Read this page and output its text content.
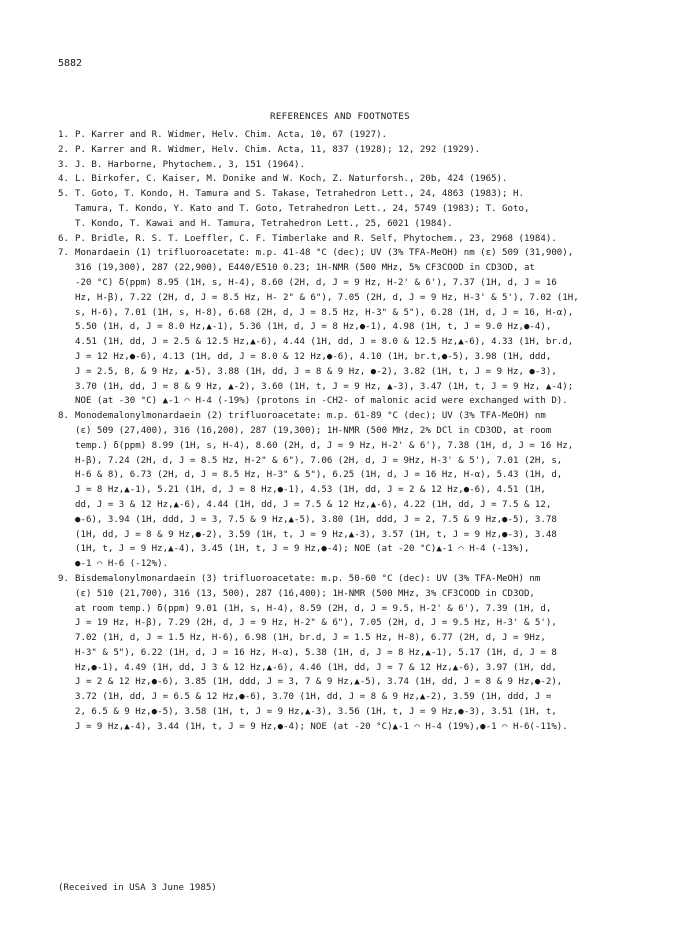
5882
REFERENCES AND FOOTNOTES
1. P. Karrer and R. Widmer, Helv. Chim. Acta, 10, 67 (1927).
2. P. Karrer and R. Widmer, Helv. Chim. Acta, 11, 837 (1928); 12, 292 (1929).
3. J. B. Harborne, Phytochem., 3, 151 (1964).
4. L. Birkofer, C. Kaiser, M. Donike and W. Koch, Z. Naturforsh., 20b, 424 (1965).
5. T. Goto, T. Kondo, H. Tamura and S. Takase, Tetrahedron Lett., 24, 4863 (1983); H.
Tamura, T. Kondo, Y. Kato and T. Goto, Tetrahedron Lett., 24, 5749 (1983); T. Goto,
T. Kondo, T. Kawai and H. Tamura, Tetrahedron Lett., 25, 6021 (1984).
6. P. Bridle, R. S. T. Loeffler, C. F. Timberlake and R. Self, Phytochem., 23, 2968 (1984).
7. Monardaein (1) trifluoroacetate: m.p. 41-48 °C (dec); UV (3% TFA-MeOH) nm (ε) 509 (31,900),
316 (19,300), 287 (22,900), E440/E510 0.23; 1H-NMR (500 MHz, 5% CF3COOD in CD3OD, at
-20 °C) δ(ppm) 8.95 (1H, s, H-4), 8.60 (2H, d, J = 9 Hz, H-2' & 6'), 7.37 (1H, d, J = 16
Hz, H-β), 7.22 (2H, d, J = 8.5 Hz, H- 2" & 6"), 7.05 (2H, d, J = 9 Hz, H-3' & 5'), 7.02 (1H,
s, H-6), 7.01 (1H, s, H-8), 6.68 (2H, d, J = 8.5 Hz, H-3" & 5"), 6.28 (1H, d, J = 16, H-α),
5.50 (1H, d, J = 8.0 Hz,▲-1), 5.36 (1H, d, J = 8 Hz,●-1), 4.98 (1H, t, J = 9.0 Hz,●-4),
4.51 (1H, dd, J = 2.5 & 12.5 Hz,▲-6), 4.44 (1H, dd, J = 8.0 & 12.5 Hz,▲-6), 4.33 (1H, br.d,
J = 12 Hz,●-6), 4.13 (1H, dd, J = 8.0 & 12 Hz,●-6), 4.10 (1H, br.t,●-5), 3.98 (1H, ddd,
J = 2.5, 8, & 9 Hz, ▲-5), 3.88 (1H, dd, J = 8 & 9 Hz, ●-2), 3.82 (1H, t, J = 9 Hz, ●-3),
3.70 (1H, dd, J = 8 & 9 Hz, ▲-2), 3.60 (1H, t, J = 9 Hz, ▲-3), 3.47 (1H, t, J = 9 Hz, ▲-4);
NOE (at -30 °C) ▲-1 ⌒ H-4 (-19%) (protons in -CH2- of malonic acid were exchanged with D).
8. Monodemalonylmonardaein (2) trifluoroacetate: m.p. 61-89 °C (dec); UV (3% TFA-MeOH) nm
(ε) 509 (27,400), 316 (16,200), 287 (19,300); 1H-NMR (500 MHz, 2% DCl in CD3OD, at room
temp.) δ(ppm) 8.99 (1H, s, H-4), 8.60 (2H, d, J = 9 Hz, H-2' & 6'), 7.38 (1H, d, J = 16 Hz,
H-β), 7.24 (2H, d, J = 8.5 Hz, H-2" & 6"), 7.06 (2H, d, J = 9Hz, H-3' & 5'), 7.01 (2H, s,
H-6 & 8), 6.73 (2H, d, J = 8.5 Hz, H-3" & 5"), 6.25 (1H, d, J = 16 Hz, H-α), 5.43 (1H, d,
J = 8 Hz,▲-1), 5.21 (1H, d, J = 8 Hz,●-1), 4.53 (1H, dd, J = 2 & 12 Hz,●-6), 4.51 (1H,
dd, J = 3 & 12 Hz,▲-6), 4.44 (1H, dd, J = 7.5 & 12 Hz,▲-6), 4.22 (1H, dd, J = 7.5 & 12,
●-6), 3.94 (1H, ddd, J = 3, 7.5 & 9 Hz,▲-5), 3.80 (1H, ddd, J = 2, 7.5 & 9 Hz,●-5), 3.78
(1H, dd, J = 8 & 9 Hz,●-2), 3.59 (1H, t, J = 9 Hz,▲-3), 3.57 (1H, t, J = 9 Hz,●-3), 3.48
(1H, t, J = 9 Hz,▲-4), 3.45 (1H, t, J = 9 Hz,●-4); NOE (at -20 °C)▲-1 ⌒ H-4 (-13%),
●-1 ⌒ H-6 (-12%).
9. Bisdemalonylmonardaein (3) trifluoroacetate: m.p. 50-60 °C (dec): UV (3% TFA-MeOH) nm
(ε) 510 (21,700), 316 (13, 500), 287 (16,400); 1H-NMR (500 MHz, 3% CF3COOD in CD3OD,
at room temp.) δ(ppm) 9.01 (1H, s, H-4), 8.59 (2H, d, J = 9.5, H-2' & 6'), 7.39 (1H, d,
J = 19 Hz, H-β), 7.29 (2H, d, J = 9 Hz, H-2" & 6"), 7.05 (2H, d, J = 9.5 Hz, H-3' & 5'),
7.02 (1H, d, J = 1.5 Hz, H-6), 6.98 (1H, br.d, J = 1.5 Hz, H-8), 6.77 (2H, d, J = 9Hz,
H-3" & 5"), 6.22 (1H, d, J = 16 Hz, H-α), 5.38 (1H, d, J = 8 Hz,▲-1), 5.17 (1H, d, J = 8
Hz,●-1), 4.49 (1H, dd, J 3 & 12 Hz,▲-6), 4.46 (1H, dd, J = 7 & 12 Hz,▲-6), 3.97 (1H, dd,
J = 2 & 12 Hz,●-6), 3.85 (1H, ddd, J = 3, 7 & 9 Hz,▲-5), 3.74 (1H, dd, J = 8 & 9 Hz,●-2),
3.72 (1H, dd, J = 6.5 & 12 Hz,●-6), 3.70 (1H, dd, J = 8 & 9 Hz,▲-2), 3.59 (1H, ddd, J =
2, 6.5 & 9 Hz,●-5), 3.58 (1H, t, J = 9 Hz,▲-3), 3.56 (1H, t, J = 9 Hz,●-3), 3.51 (1H, t,
J = 9 Hz,▲-4), 3.44 (1H, t, J = 9 Hz,●-4); NOE (at -20 °C)▲-1 ⌒ H-4 (19%),●-1 ⌒ H-6(-11%).
(Received in USA 3 June 1985)
